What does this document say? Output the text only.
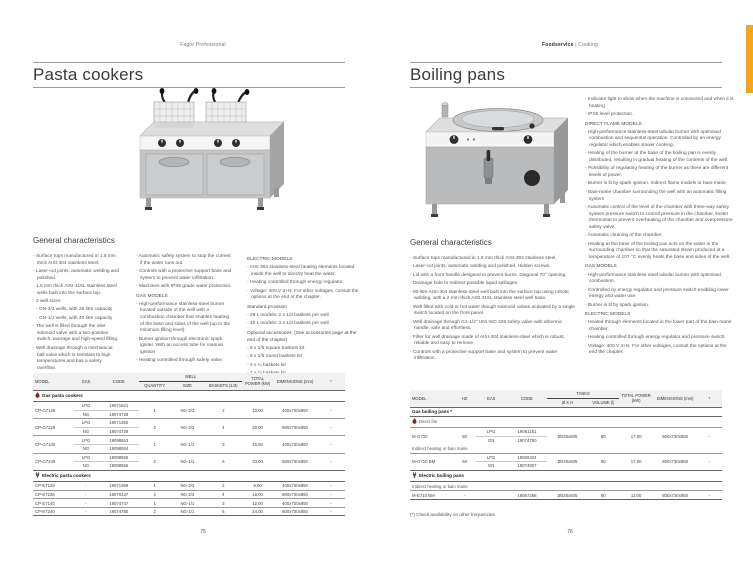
Fagor Professional
Pasta cookers
General characteristics
- Surface tops manufactured in 1.5 mm thick AISI-304 stainless steel.
- Laser-cut joints, automatic welding and polished.
- 1.5 mm thick AISI-316L stainless steel wells built into the surface top.
- 2 well sizes
- GN-2/3 wells, with 26 litre capacity
- GN-1/1 wells, with 40 litre capacity
- The well is filled through the inlet solenoid valve with a two-position switch: average and high-speed filling.
- Well drainage through a mechanical ball valve which is resistant to high temperatures and has a safety overflow.
- Automatic safety system to stop the current if the water runs out.
- Controls with a protective support base and system to prevent water infiltration.
- Machines with IPX5 grade water protection.
GAS MODELS
- High-performance stainless-steel burner located outside of the well with a combustion chamber that enables heating of the base and sides of the well (up to the minimum filling level)
- Burner ignition through electronic spark igniter. With an access tube for manual ignition
- Heating controlled through safety valve.
ELECTRIC MODELS
- AISI 304 stainless-steel heating elements located inside the well to directly heat the water.
- Heating controlled through energy regulator.
- Voltage: 400 V 3+N. For other voltages, consult the options at the end of the chapter.
Standard provision
- 26 L models: 2 x 1/3 baskets per well
- 40 L models: 3 x 1/3 baskets per well
Optional accessories: (See accessories page at the end of the chapter)
- 6 x 1/6 square baskets kit
- 6 x 1/6 round baskets kit
- 4 x ¼ baskets kit
-
MODEL	GAS	CODE	WELL			TOTAL POWER (kW)	DIMENSIONS (mm)	*
			QUANTITY	SIZE	BASKETS (1/3)			
Gas pasta cookers								
CP-G7126	LPG	19071621	1	NG-2/3	2	10,00	400x730x850	-
	NG	19074728						
CP-G7226	LPG	19071360	2	NG-2/3	4	20,00	800x730x850	-
	NG	19074729						
CP-G7140	LPG	19098553	1	NG-1/1	3	16,50	400x730x850	-
	NG	19098554						
CP-G7240	LPG	19098555	2	NG-1/1	6	33,00	800x730x850	-
	NG	19098556						
Electric pasta cookers								
CP-E7126	-	19071369	1	NG-2/3	2	9,00	400x730x850	-
CP-E7226	-	19070437	2	NG-2/3	4	18,00	800x730x850	-
CP-E7140	-	19074747	1	NG-1/1	3	12,00	400x730x850	-
CP-E7240	-	19074780	2	NG-1/1	6	24,00	800x730x850	-
75
Foodservice | Cooking
Boiling pans
- Indicator light to show when the machine is connected and when it is heating.
- IPX5 level protection.
DIRECT FLAME MODELS
- High-performance stainless-steel tubular burner with optimised combustion and sequential operation. Controlled by an energy regulator which enables slower cooking.
- Heating of the burner at the base of the boiling pan is evenly distributed, resulting in gradual heating of the contents of the well.
- Possibility of regulating heating of the burner as there are different levels of power.
- Burner is lit by spark ignition. Indirect flame models or bain-marie
- Bain-marie chamber surrounding the well with an automatic filling system
- Automatic control of the level of the chamber with three-way safety system pressure switch to control pressure in the chamber, limiter thermostat to prevent overheating of the chamber and overpressure safety valve.
- Automatic cleaning of the chamber.
- Heating at the base of the boiling pan acts on the water in the surrounding chamber so that the saturated steam produced at a temperature of 107 °C evenly heats the base and sides of the well.
GAS MODELS
- High-performance stainless-steel tubular burner with optimised combustion.
- Controlled by energy regulator and pressure switch enabling lower energy and water use.
- Burner is lit by spark ignition.
ELECTRIC MODELS
- Heated through elements located in the lower part of the bain-marie chamber.
- Heating controlled through energy regulator and pressure switch.
- Voltage: 400 V 3+N. For other voltages, consult the options at the end the chapter.
General characteristics
- Surface tops manufactured in 1.5 mm thick AISI-304 stainless steel.
- Laser-cut joints, automatic welding and polished. Hidden screws.
- Lid with a front handle designed to prevent burns. Diagonal 70° opening.
- Drainage hole to redirect possible liquid spillages.
- 80-litre AISI-304 stainless-steel well built into the surface top using robotic welding, with a 2 mm-thick AISI 316L stainless steel well base.
- Well filled with cold or hot water though solenoid valves activated by a single switch located on the front panel.
- Well drainage through G1-1/2" UNI ISO 228 safety valve with athermic handle, safe and effortless.
- Filter for well drainage made of AISI-304 stainless-steel which is robust, reliable and easy to remove.
- Controls with a protective support base and system to prevent water infiltration.
MODEL	HZ	GAS	CODE	TANKS		TOTAL POWER (kW)	DIMENSIONS (mm)	*
				Ø X H	VOLUME (l)			
Gas boiling pans *								
Direct fire								
M-G710	50	LPG	19061151	Ø430x605	80	17,00	800x730x850	-
		GN	19074790					
Indirect heating or bain marie								
M-G710 BM	50	LPG	19066324	Ø430x605	80	17,00	800x730x850	-
		GN	19074807					
Electric boiling pans								
Indirect heating or bain marie								
M-E710 BM	-		19067268	Ø430x605	80	11,00	800x730x850	-
(*) Check availability on other frequencies.
76
